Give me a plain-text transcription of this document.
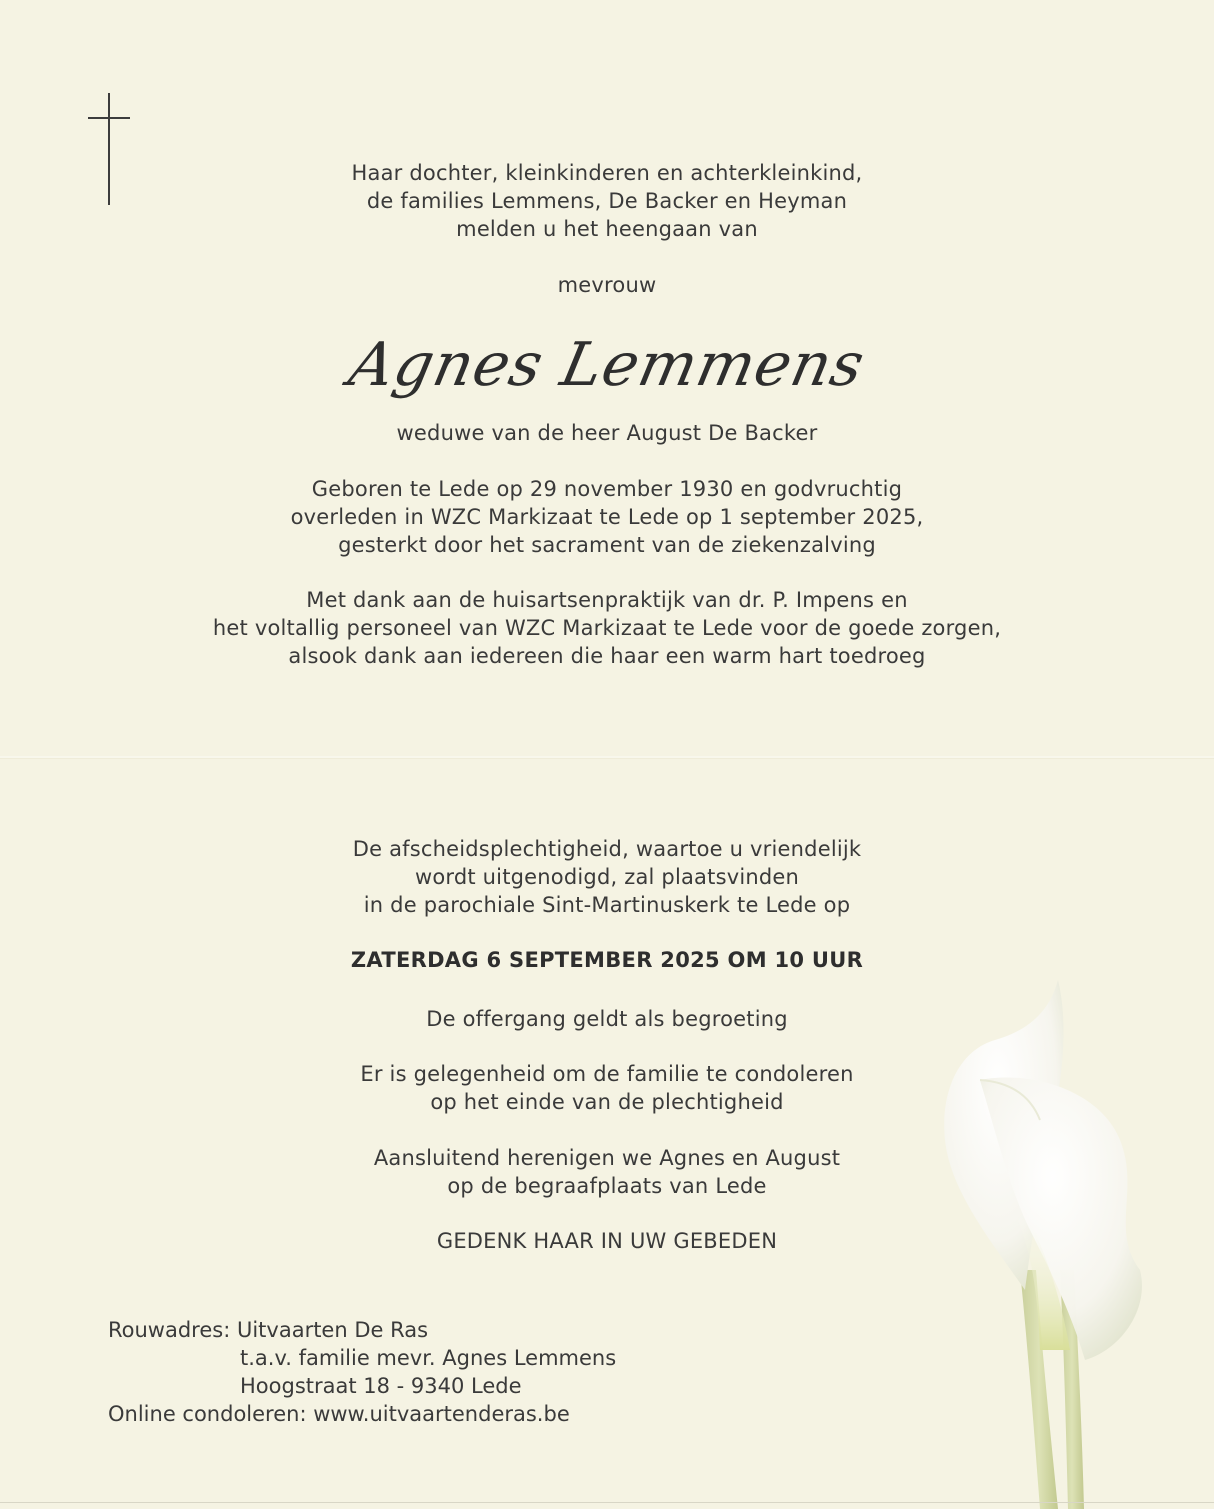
Haar dochter, kleinkinderen en achterkleinkind,
de families Lemmens, De Backer en Heyman
melden u het heengaan van
mevrouw
Agnes Lemmens
weduwe van de heer August De Backer
Geboren te Lede op 29 november 1930 en godvruchtig
overleden in WZC Markizaat te Lede op 1 september 2025,
gesterkt door het sacrament van de ziekenzalving
Met dank aan de huisartsenpraktijk van dr. P. Impens en
het voltallig personeel van WZC Markizaat te Lede voor de goede zorgen,
alsook dank aan iedereen die haar een warm hart toedroeg
De afscheidsplechtigheid, waartoe u vriendelijk
wordt uitgenodigd, zal plaatsvinden
in de parochiale Sint-Martinuskerk te Lede op
ZATERDAG 6 SEPTEMBER 2025 OM 10 UUR
De offergang geldt als begroeting
Er is gelegenheid om de familie te condoleren
op het einde van de plechtigheid
Aansluitend herenigen we Agnes en August
op de begraafplaats van Lede
GEDENK HAAR IN UW GEBEDEN
Rouwadres: Uitvaarten De Ras
t.a.v. familie mevr. Agnes Lemmens
Hoogstraat 18 - 9340 Lede
Online condoleren: www.uitvaartenderas.be
